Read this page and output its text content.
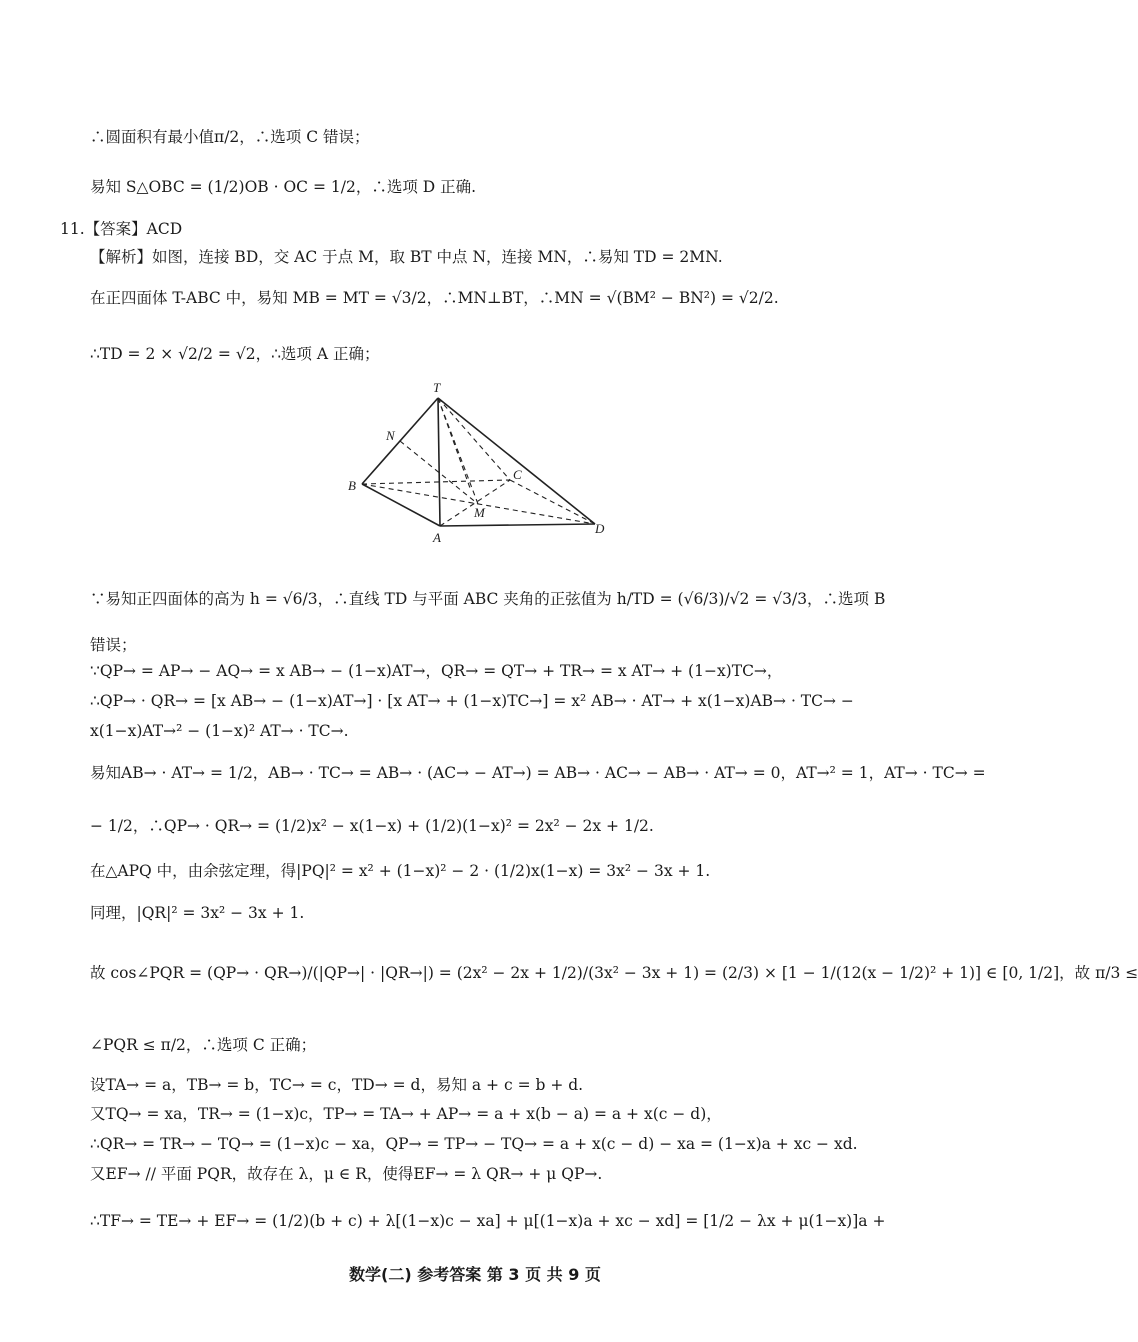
∴圆面积有最小值π/2，∴选项 C 错误；
易知 S△OBC = (1/2)OB · OC = 1/2，∴选项 D 正确.
11.【答案】ACD
【解析】如图，连接 BD，交 AC 于点 M，取 BT 中点 N，连接 MN，∴易知 TD = 2MN.
在正四面体 T-ABC 中，易知 MB = MT = √3/2，∴MN⊥BT，∴MN = √(BM² − BN²) = √2/2.
∴TD = 2 × √2/2 = √2，∴选项 A 正确；
∵易知正四面体的高为 h = √6/3，∴直线 TD 与平面 ABC 夹角的正弦值为 h/TD = (√6/3)/√2 = √3/3，∴选项 B
错误；
∵QP→ = AP→ − AQ→ = x AB→ − (1−x)AT→，QR→ = QT→ + TR→ = x AT→ + (1−x)TC→，
∴QP→ · QR→ = [x AB→ − (1−x)AT→] · [x AT→ + (1−x)TC→] = x² AB→ · AT→ + x(1−x)AB→ · TC→ −
x(1−x)AT→² − (1−x)² AT→ · TC→.
易知AB→ · AT→ = 1/2，AB→ · TC→ = AB→ · (AC→ − AT→) = AB→ · AC→ − AB→ · AT→ = 0，AT→² = 1，AT→ · TC→ =
− 1/2，∴QP→ · QR→ = (1/2)x² − x(1−x) + (1/2)(1−x)² = 2x² − 2x + 1/2.
在△APQ 中，由余弦定理，得|PQ|² = x² + (1−x)² − 2 · (1/2)x(1−x) = 3x² − 3x + 1.
同理，|QR|² = 3x² − 3x + 1.
故 cos∠PQR = (QP→ · QR→)/(|QP→| · |QR→|) = (2x² − 2x + 1/2)/(3x² − 3x + 1) = (2/3) × [1 − 1/(12(x − 1/2)² + 1)] ∈ [0, 1/2]，故 π/3 ≤
∠PQR ≤ π/2，∴选项 C 正确；
设TA→ = a，TB→ = b，TC→ = c，TD→ = d，易知 a + c = b + d.
又TQ→ = xa，TR→ = (1−x)c，TP→ = TA→ + AP→ = a + x(b − a) = a + x(c − d)，
∴QR→ = TR→ − TQ→ = (1−x)c − xa，QP→ = TP→ − TQ→ = a + x(c − d) − xa = (1−x)a + xc − xd.
又EF→ // 平面 PQR，故存在 λ，μ ∈ R，使得EF→ = λ QR→ + μ QP→.
∴TF→ = TE→ + EF→ = (1/2)(b + c) + λ[(1−x)c − xa] + μ[(1−x)a + xc − xd] = [1/2 − λx + μ(1−x)]a +
T
N
B
C
M
A
D
数学(二) 参考答案 第 3 页 共 9 页
